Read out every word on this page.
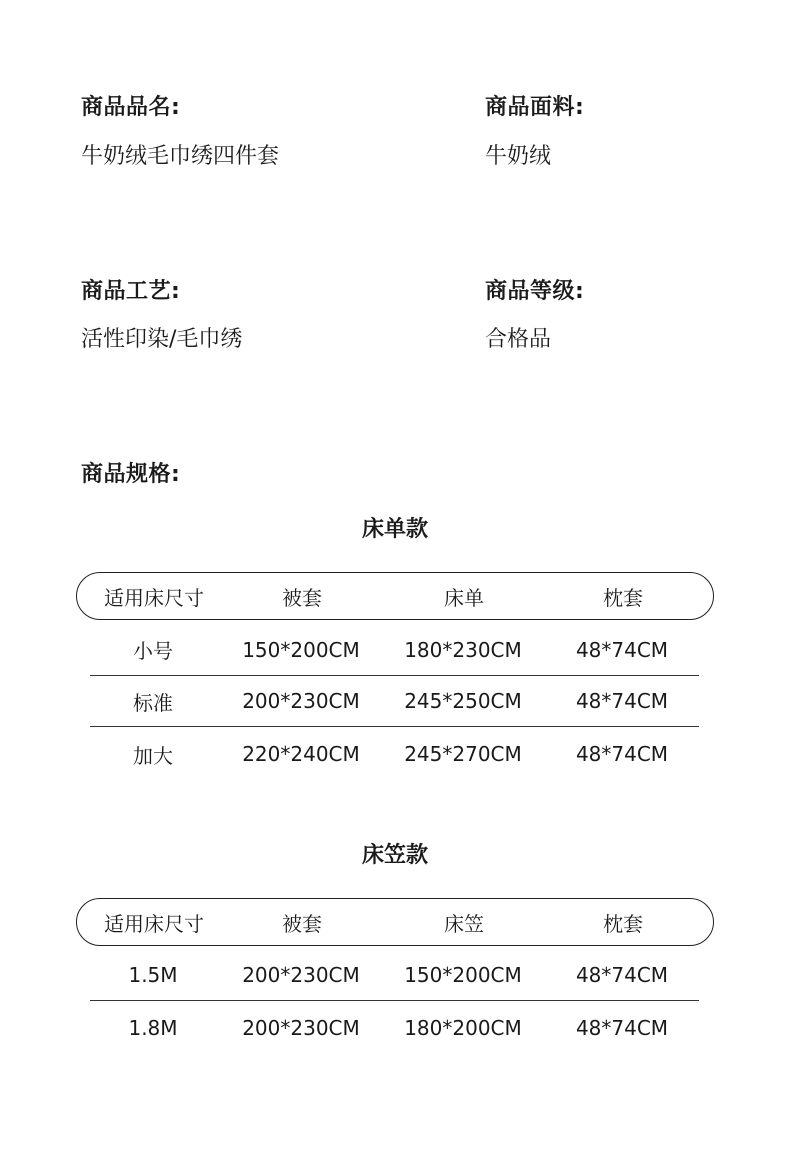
商品品名:
牛奶绒毛巾绣四件套
商品面料:
牛奶绒
商品工艺:
活性印染/毛巾绣
商品等级:
合格品
商品规格:
床单款
适用床尺寸	被套	床单	枕套
小号	150*200CM	180*230CM	48*74CM
标准	200*230CM	245*250CM	48*74CM
加大	220*240CM	245*270CM	48*74CM
床笠款
适用床尺寸	被套	床笠	枕套
1.5M	200*230CM	150*200CM	48*74CM
1.8M	200*230CM	180*200CM	48*74CM
